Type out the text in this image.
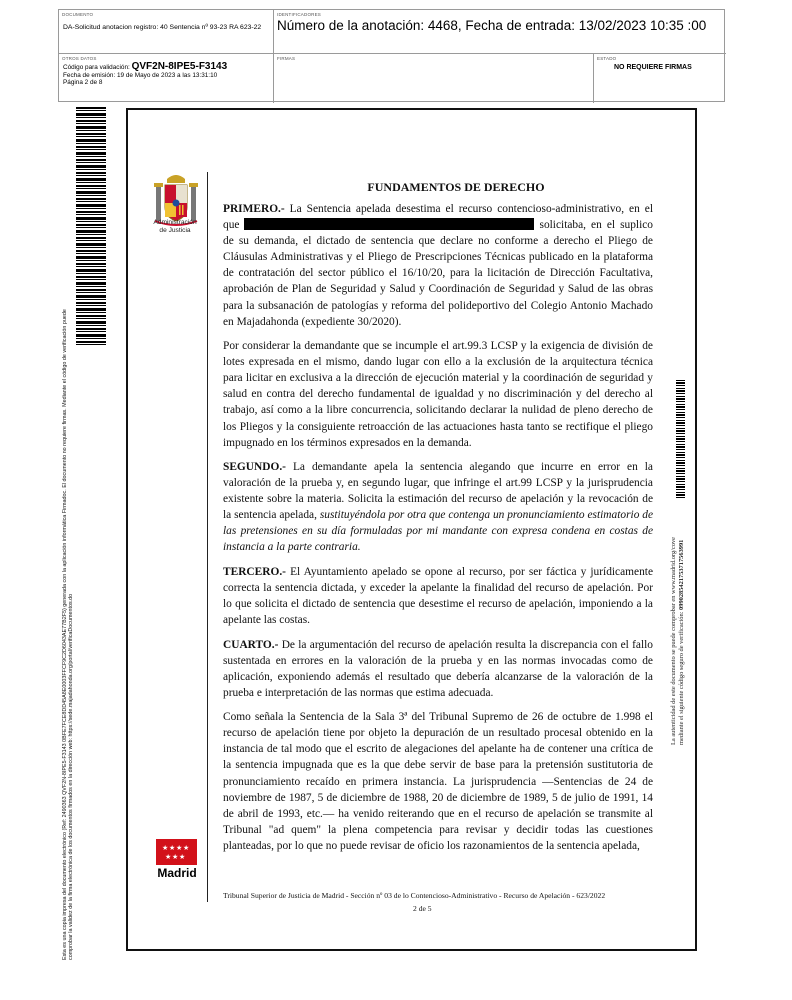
DOCUMENTO
DA-Solicitud anotacion registro: 40 Sentencia nº 93-23 RA 623-22
IDENTIFICADORES
Número de la anotación: 4468, Fecha de entrada: 13/02/2023 10:35 :00
OTROS DATOS
Código para validación: QVF2N-8IPE5-F3143
Fecha de emisión: 19 de Mayo de 2023 a las 13:31:10
Página 2 de 8
FIRMAS	ESTADO
NO REQUIERE FIRMAS
Esta es una copia impresa del documento electrónico (Ref: 2490363 QVF2N-8IPE5-F3143 0BFE7FCE8DD45A8E0003FFCF9C2D6043AE77B2F5) generada con la aplicación informática Firmadoc. El documento no requiere firmas. Mediante el código de verificación puede comprobar la validez de la firma electrónica de los documentos firmados en la dirección web: https://sede.majadahonda.org/portal/verificaDocumentos.do
Administración
de Justicia
★ ★ ★ ★
★ ★ ★
Madrid
FUNDAMENTOS DE DERECHO

PRIMERO.- La Sentencia apelada desestima el recurso contencioso-administrativo, en el que	solicitaba, en el suplico de su demanda, el dictado de sentencia que declare no conforme a derecho el Pliego de Cláusulas Administrativas y el Pliego de Prescripciones Técnicas publicado en la plataforma de contratación del sector público el 16/10/20, para la licitación de Dirección Facultativa, aprobación de Plan de Seguridad y Salud y Coordinación de Seguridad y Salud de las obras para la subsanación de patologías y reforma del polideportivo del Colegio Antonio Machado en Majadahonda (expediente 30/2020).

Por considerar la demandante que se incumple el art.99.3 LCSP y la exigencia de división de lotes expresada en el mismo, dando lugar con ello a la exclusión de la arquitectura técnica para licitar en exclusiva a la dirección de ejecución material y la coordinación de seguridad y salud en contra del derecho fundamental de igualdad y no discriminación y del derecho al trabajo, así como a la libre concurrencia, solicitando declarar la nulidad de pleno derecho de los Pliegos y la consiguiente retroacción de las actuaciones hasta tanto se rectifique el pliego impugnado en los términos expresados en la demanda.

SEGUNDO.- La demandante apela la sentencia alegando que incurre en error en la valoración de la prueba y, en segundo lugar, que infringe el art.99 LCSP y la jurisprudencia existente sobre la materia. Solicita la estimación del recurso de apelación y la revocación de la sentencia apelada, sustituyéndola por otra que contenga un pronunciamiento estimatorio de las pretensiones en su día formuladas por mi mandante con expresa condena en costas de instancia a la parte contraria.

TERCERO.- El Ayuntamiento apelado se opone al recurso, por ser fáctica y jurídicamente correcta la sentencia dictada, y exceder la apelante la finalidad del recurso de apelación. Por lo que solicita el dictado de sentencia que desestime el recurso de apelación, imponiendo a la apelante las costas.

CUARTO.- De la argumentación del recurso de apelación resulta la discrepancia con el fallo sustentada en errores en la valoración de la prueba y en las normas invocadas como de aplicación, exponiendo además el resultado que debería alcanzarse de la valoración de la prueba e interpretación de las normas que estima adecuada.

Como señala la Sentencia de la Sala 3ª del Tribunal Supremo de 26 de octubre de 1.998 el recurso de apelación tiene por objeto la depuración de un resultado procesal obtenido en la instancia de tal modo que el escrito de alegaciones del apelante ha de contener una crítica de la sentencia impugnada que es la que debe servir de base para la pretensión sustitutoria de pronunciamiento recaído en primera instancia. La jurisprudencia —Sentencias de 24 de noviembre de 1987, 5 de diciembre de 1988, 20 de diciembre de 1989, 5 de julio de 1991, 14 de abril de 1993, etc.— ha venido reiterando que en el recurso de apelación se transmite al Tribunal "ad quem" la plena competencia para revisar y decidir todas las cuestiones planteadas, por lo que no puede revisar de oficio los razonamientos de la sentencia apelada,

Tribunal Superior de Justicia de Madrid - Sección nº 03 de lo Contencioso-Administrativo - Recurso de Apelación - 623/2022
2 de 5
La autenticidad de este documento se puede comprobar en www.madrid.org/cove
mediante el siguiente código seguro de verificación: 0990285421753717563991
